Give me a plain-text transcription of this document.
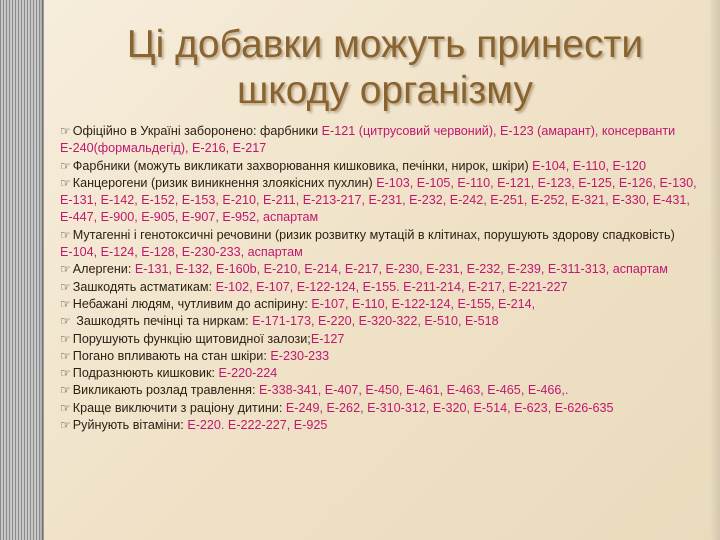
Ці добавки можуть принести
шкоду організму
☞ Офіційно в Україні заборонено: фарбники Е-121 (цитрусовий червоний), Е-123 (амарант), консерванти Е-240(формальдегід), Е-216, Е-217
☞ Фарбники (можуть викликати захворювання кишковика, печінки, нирок, шкіри) Е-104, Е-110, Е-120
☞ Канцерогени (ризик виникнення злоякісних пухлин) Е-103, Е-105, Е-110, Е-121, Е-123, Е-125, Е-126, Е-130, Е-131, Е-142, Е-152, Е-153, Е-210, Е-211, Е-213-217, Е-231, Е-232, Е-242, Е-251, Е-252, Е-321, Е-330, Е-431, Е-447, Е-900, Е-905, Е-907, Е-952, аспартам
☞ Мутагенні і генотоксичні речовини (ризик розвитку мутацій в клітинах, порушують здорову спадковість) Е-104, Е-124, Е-128, Е-230-233, аспартам
☞ Алергени: Е-131, Е-132, Е-160b, Е-210, Е-214, Е-217, Е-230, Е-231, Е-232, Е-239, Е-311-313, аспартам
☞ Зашкодять астматикам: Е-102, Е-107, Е-122-124, Е-155. Е-211-214, Е-217, Е-221-227
☞ Небажані людям, чутливим до аспірину: Е-107, Е-110, Е-122-124, Е-155, Е-214,
☞ Зашкодять печінці та ниркам: Е-171-173, Е-220, Е-320-322, Е-510, Е-518
☞ Порушують функцію щитовидної залози;Е-127
☞ Погано впливають на стан шкіри: Е-230-233
☞ Подразнюють кишковик: Е-220-224
☞ Викликають розлад травлення: Е-338-341, Е-407, Е-450, Е-461, Е-463, Е-465, Е-466,.
☞ Краще виключити з раціону дитини: Е-249, Е-262, Е-310-312, Е-320, Е-514, Е-623, Е-626-635
☞ Руйнують вітаміни: Е-220. Е-222-227, Е-925
